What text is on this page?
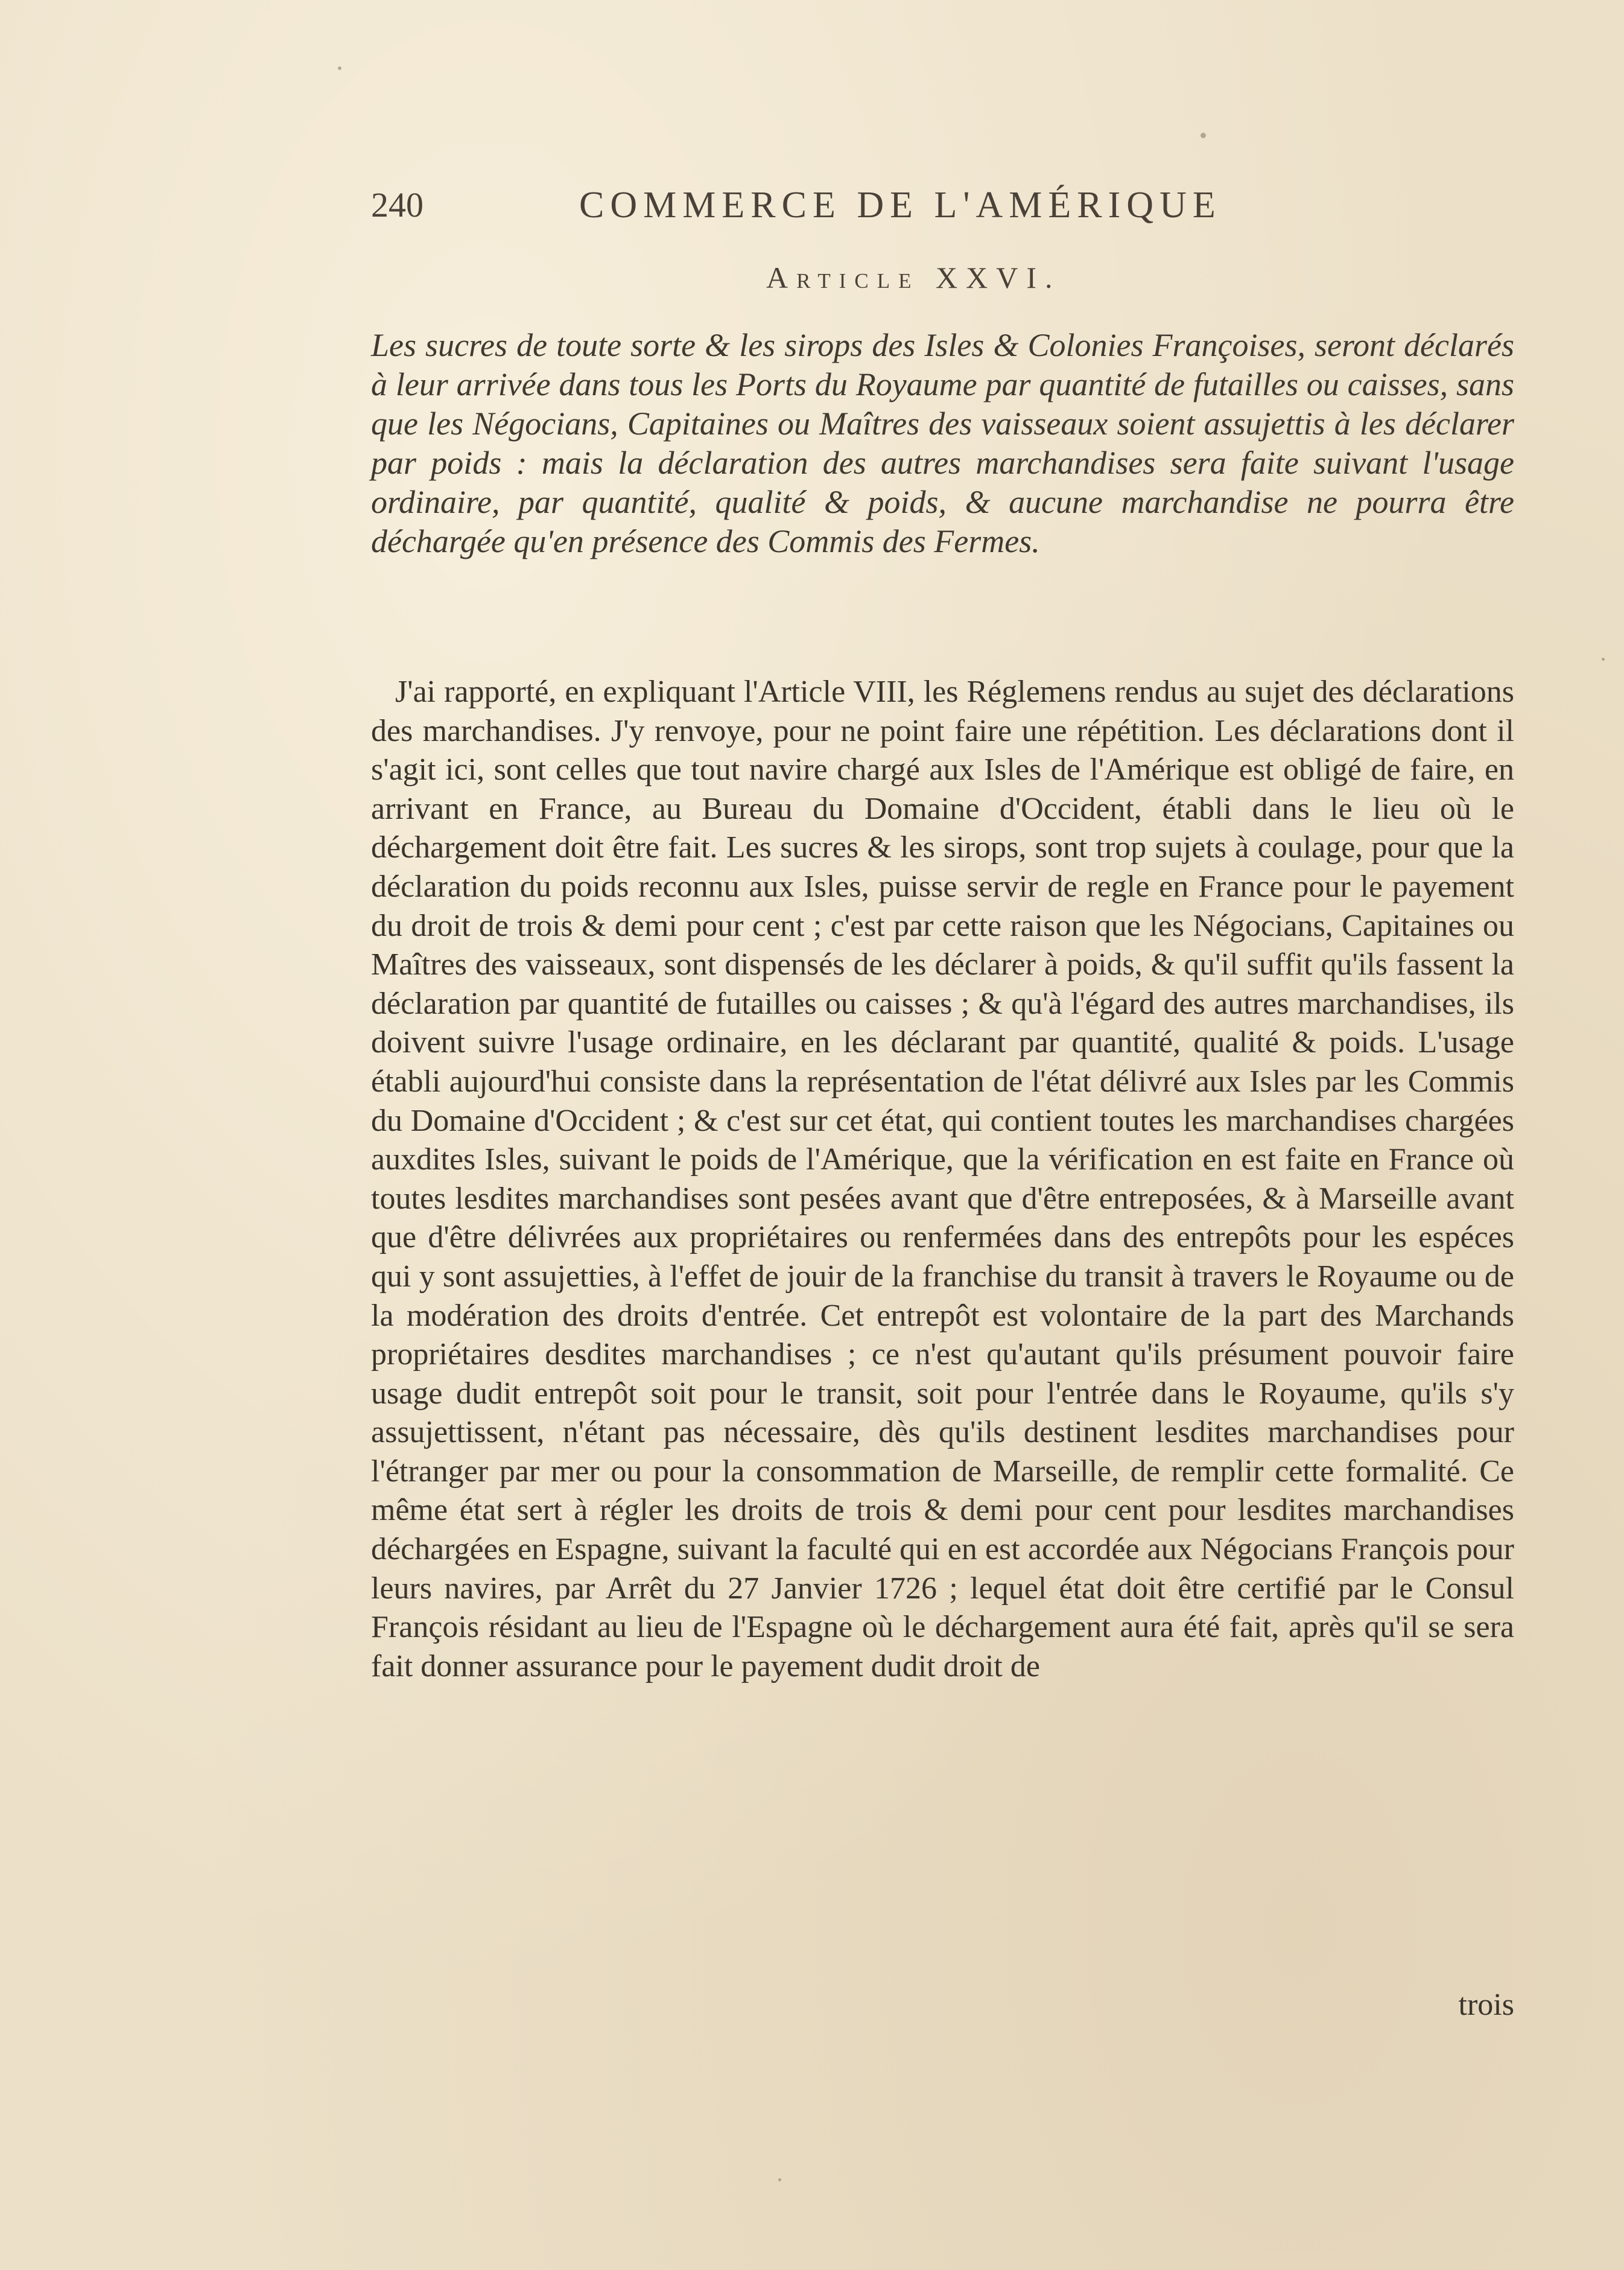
240	COMMERCE DE L'AMÉRIQUE
Article XXVI.

Les sucres de toute sorte & les sirops des Isles & Colonies Françoises, seront déclarés à leur arrivée dans tous les Ports du Royaume par quantité de futailles ou caisses, sans que les Négocians, Capitaines ou Maîtres des vaisseaux soient assujettis à les déclarer par poids : mais la déclaration des autres marchandises sera faite suivant l'usage ordinaire, par quantité, qualité & poids, & aucune marchandise ne pourra être déchargée qu'en présence des Commis des Fermes.

J'ai rapporté, en expliquant l'Article VIII, les Réglemens rendus au sujet des déclarations des marchandises. J'y renvoye, pour ne point faire une répétition. Les déclarations dont il s'agit ici, sont celles que tout navire chargé aux Isles de l'Amérique est obligé de faire, en arrivant en France, au Bureau du Domaine d'Occident, établi dans le lieu où le déchargement doit être fait. Les sucres & les sirops, sont trop sujets à coulage, pour que la déclaration du poids reconnu aux Isles, puisse servir de regle en France pour le payement du droit de trois & demi pour cent ; c'est par cette raison que les Négocians, Capitaines ou Maîtres des vaisseaux, sont dispensés de les déclarer à poids, & qu'il suffit qu'ils fassent la déclaration par quantité de futailles ou caisses ; & qu'à l'égard des autres marchandises, ils doivent suivre l'usage ordinaire, en les déclarant par quantité, qualité & poids. L'usage établi aujourd'hui consiste dans la représentation de l'état délivré aux Isles par les Commis du Domaine d'Occident ; & c'est sur cet état, qui contient toutes les marchandises chargées auxdites Isles, suivant le poids de l'Amérique, que la vérification en est faite en France où toutes lesdites marchandises sont pesées avant que d'être entreposées, & à Marseille avant que d'être délivrées aux propriétaires ou renfermées dans des entrepôts pour les espéces qui y sont assujetties, à l'effet de jouir de la franchise du transit à travers le Royaume ou de la modération des droits d'entrée. Cet entrepôt est volontaire de la part des Marchands propriétaires desdites marchandises ; ce n'est qu'autant qu'ils présument pouvoir faire usage dudit entrepôt soit pour le transit, soit pour l'entrée dans le Royaume, qu'ils s'y assujettissent, n'étant pas nécessaire, dès qu'ils destinent lesdites marchandises pour l'étranger par mer ou pour la consommation de Marseille, de remplir cette formalité. Ce même état sert à régler les droits de trois & demi pour cent pour lesdites marchandises déchargées en Espagne, suivant la faculté qui en est accordée aux Négocians François pour leurs navires, par Arrêt du 27 Janvier 1726 ; lequel état doit être certifié par le Consul François résidant au lieu de l'Espagne où le déchargement aura été fait, après qu'il se sera fait donner assurance pour le payement dudit droit de

trois
